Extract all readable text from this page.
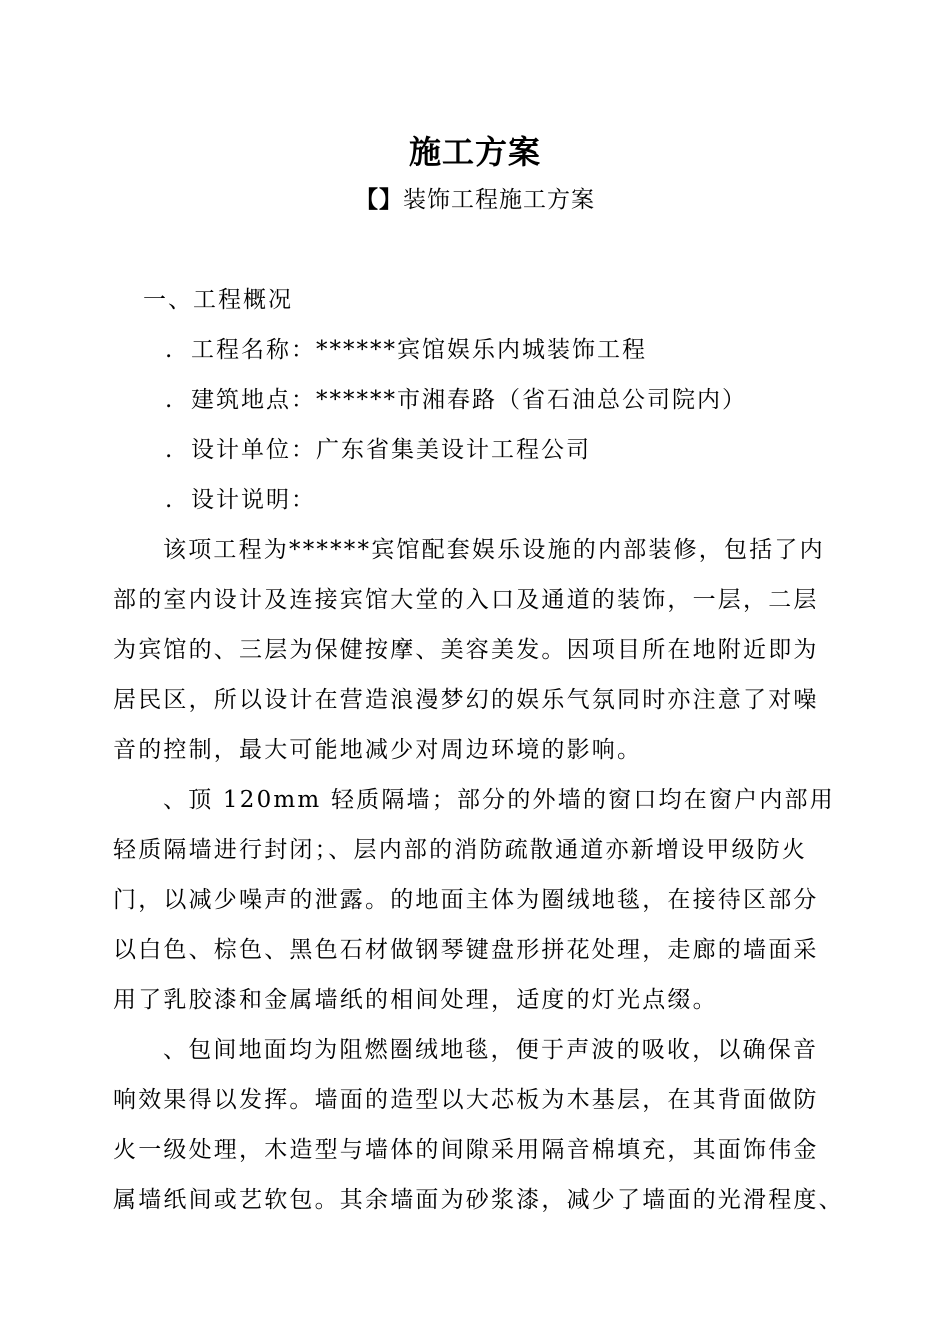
施工方案

【】装饰工程施工方案

一、工程概况

. 工程名称：******宾馆娱乐内城装饰工程

. 建筑地点：******市湘春路（省石油总公司院内）

. 设计单位：广东省集美设计工程公司

. 设计说明：

该项工程为******宾馆配套娱乐设施的内部装修，包括了内

部的室内设计及连接宾馆大堂的入口及通道的装饰，一层，二层

为宾馆的、三层为保健按摩、美容美发。因项目所在地附近即为

居民区，所以设计在营造浪漫梦幻的娱乐气氛同时亦注意了对噪

音的控制，最大可能地减少对周边环境的影响。

、顶 120mm 轻质隔墙；部分的外墙的窗口均在窗户内部用

轻质隔墙进行封闭；、层内部的消防疏散通道亦新增设甲级防火

门，以减少噪声的泄露。的地面主体为圈绒地毯，在接待区部分

以白色、棕色、黑色石材做钢琴键盘形拼花处理，走廊的墙面采

用了乳胶漆和金属墙纸的相间处理，适度的灯光点缀。

、包间地面均为阻燃圈绒地毯，便于声波的吸收，以确保音

响效果得以发挥。墙面的造型以大芯板为木基层，在其背面做防

火一级处理，木造型与墙体的间隙采用隔音棉填充，其面饰伟金

属墙纸间或艺软包。其余墙面为砂浆漆，减少了墙面的光滑程度、
